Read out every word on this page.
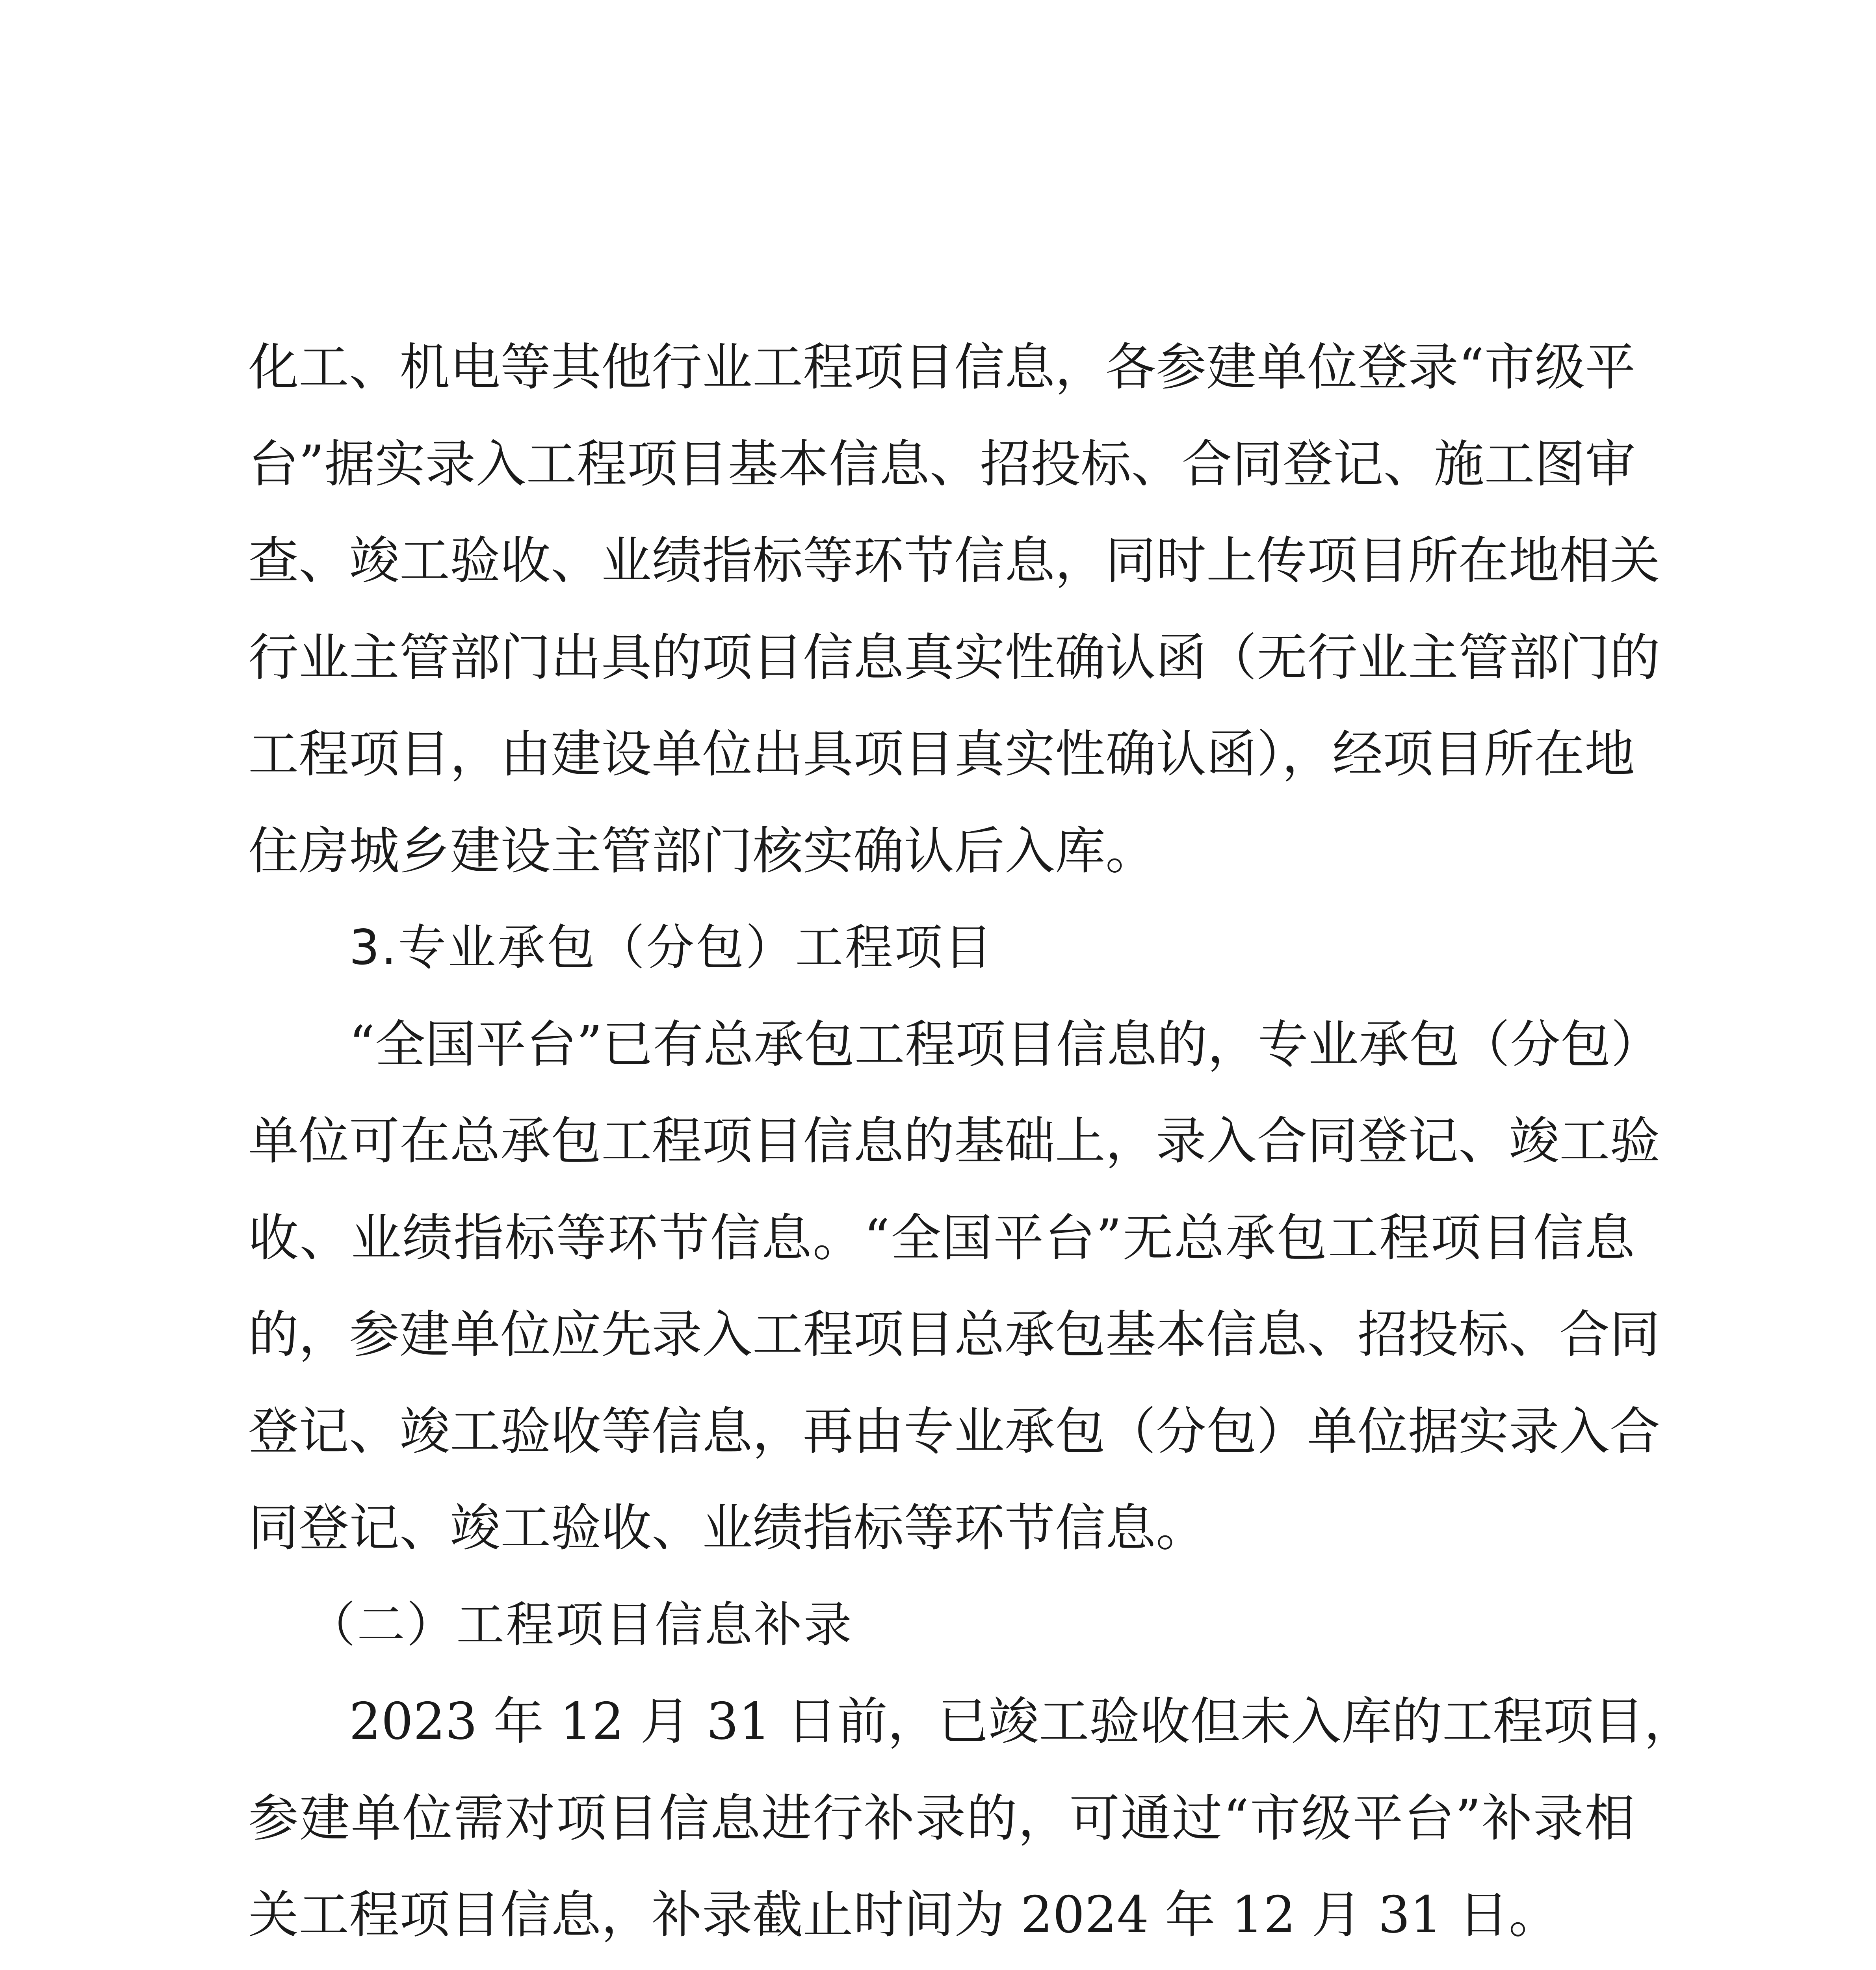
化工、机电等其他行业工程项目信息，各参建单位登录“市级平
台”据实录入工程项目基本信息、招投标、合同登记、施工图审
查、竣工验收、业绩指标等环节信息，同时上传项目所在地相关
行业主管部门出具的项目信息真实性确认函（无行业主管部门的
工程项目，由建设单位出具项目真实性确认函），经项目所在地
住房城乡建设主管部门核实确认后入库。
3.专业承包（分包）工程项目
“全国平台”已有总承包工程项目信息的，专业承包（分包）
单位可在总承包工程项目信息的基础上，录入合同登记、竣工验
收、业绩指标等环节信息。“全国平台”无总承包工程项目信息
的，参建单位应先录入工程项目总承包基本信息、招投标、合同
登记、竣工验收等信息，再由专业承包（分包）单位据实录入合
同登记、竣工验收、业绩指标等环节信息。
（二）工程项目信息补录
2023 年 12 月 31 日前，已竣工验收但未入库的工程项目，
参建单位需对项目信息进行补录的，可通过“市级平台”补录相
关工程项目信息，补录截止时间为 2024 年 12 月 31 日。
